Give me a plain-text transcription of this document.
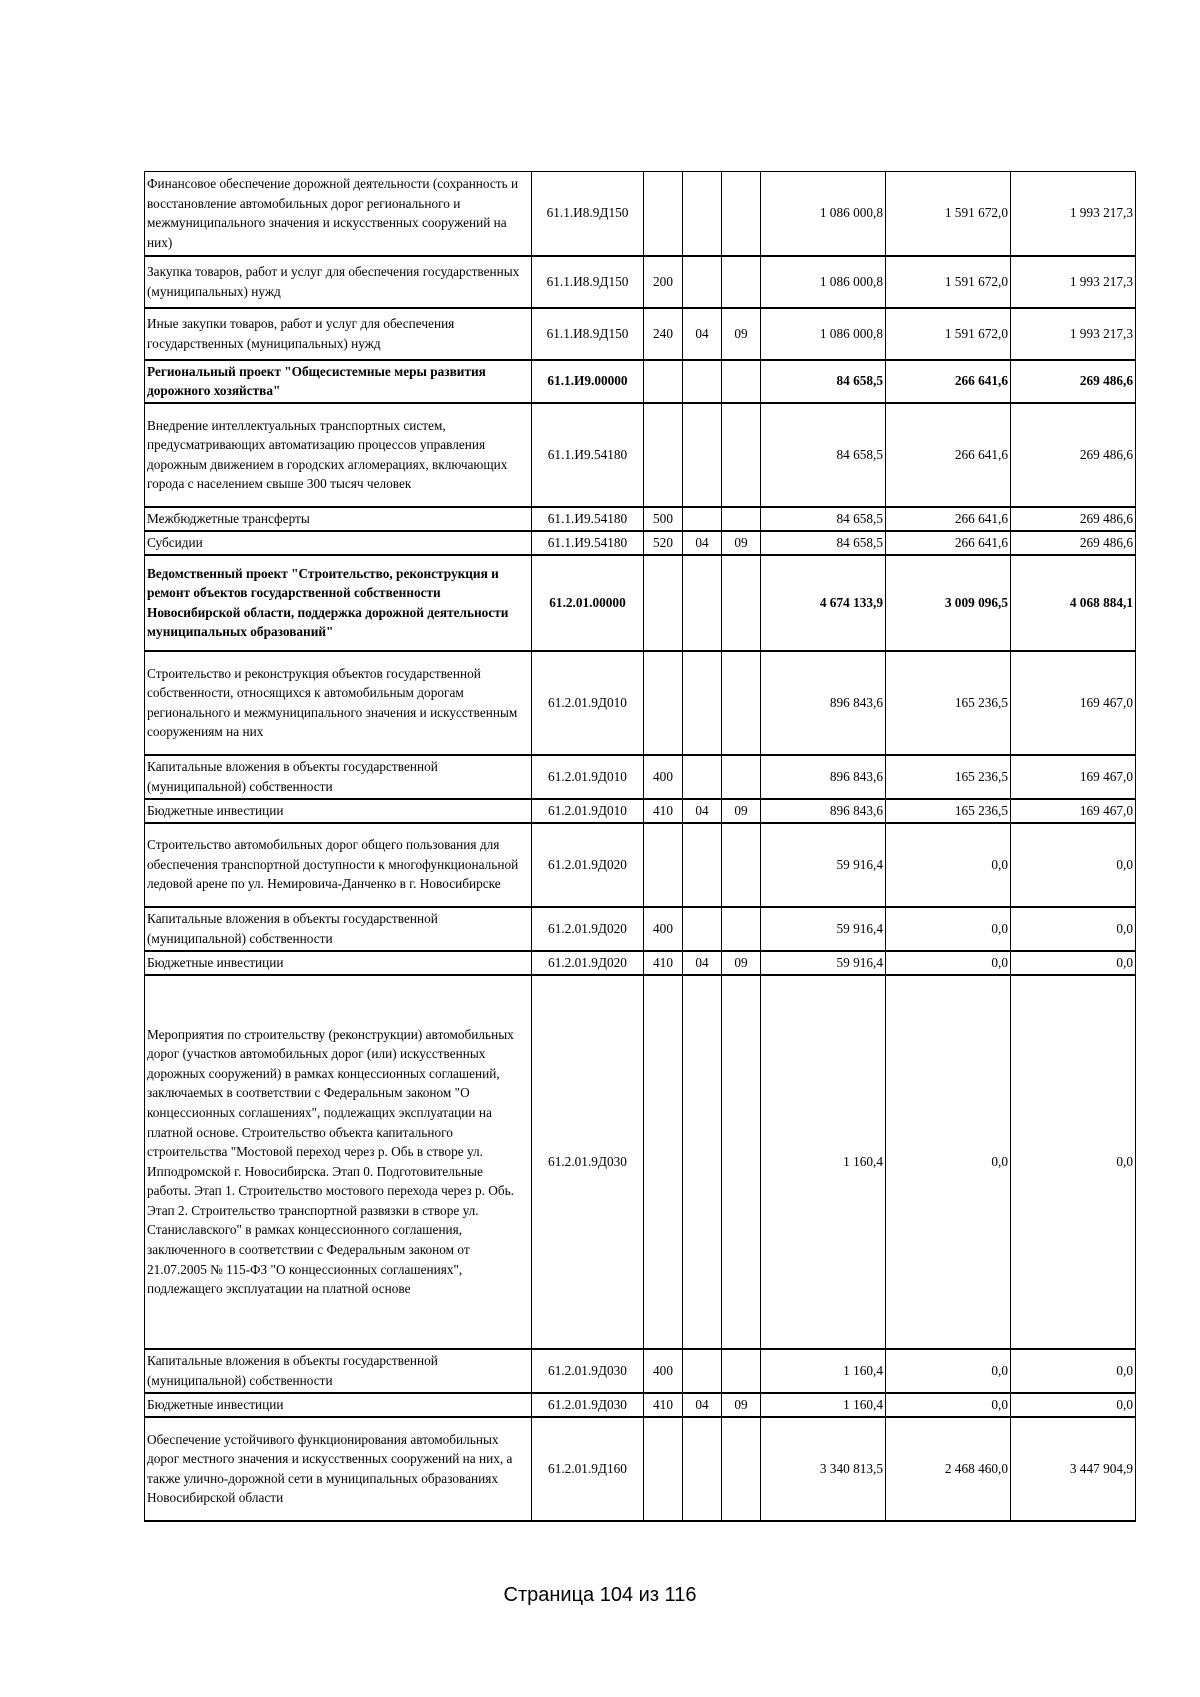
Финансовое обеспечение дорожной деятельности (сохранность и восстановление автомобильных дорог регионального и межмуниципального значения и искусственных сооружений на них)	61.1.И8.9Д150				1 086 000,8	1 591 672,0	1 993 217,3
Закупка товаров, работ и услуг для обеспечения государственных (муниципальных) нужд	61.1.И8.9Д150	200			1 086 000,8	1 591 672,0	1 993 217,3
Иные закупки товаров, работ и услуг для обеспечения государственных (муниципальных) нужд	61.1.И8.9Д150	240	04	09	1 086 000,8	1 591 672,0	1 993 217,3
Региональный проект "Общесистемные меры развития дорожного хозяйства"	61.1.И9.00000				84 658,5	266 641,6	269 486,6
Внедрение интеллектуальных транспортных систем, предусматривающих автоматизацию процессов управления дорожным движением в городских агломерациях, включающих города с населением свыше 300 тысяч человек	61.1.И9.54180				84 658,5	266 641,6	269 486,6
Межбюджетные трансферты	61.1.И9.54180	500			84 658,5	266 641,6	269 486,6
Субсидии	61.1.И9.54180	520	04	09	84 658,5	266 641,6	269 486,6
Ведомственный проект "Строительство, реконструкция и ремонт объектов государственной собственности Новосибирской области, поддержка дорожной деятельности муниципальных образований"	61.2.01.00000				4 674 133,9	3 009 096,5	4 068 884,1
Строительство и реконструкция объектов государственной собственности, относящихся к автомобильным дорогам регионального и межмуниципального значения и искусственным сооружениям на них	61.2.01.9Д010				896 843,6	165 236,5	169 467,0
Капитальные вложения в объекты государственной (муниципальной) собственности	61.2.01.9Д010	400			896 843,6	165 236,5	169 467,0
Бюджетные инвестиции	61.2.01.9Д010	410	04	09	896 843,6	165 236,5	169 467,0
Строительство автомобильных дорог общего пользования для обеспечения транспортной доступности к многофункциональной ледовой арене по ул. Немировича-Данченко в г. Новосибирске	61.2.01.9Д020				59 916,4	0,0	0,0
Капитальные вложения в объекты государственной (муниципальной) собственности	61.2.01.9Д020	400			59 916,4	0,0	0,0
Бюджетные инвестиции	61.2.01.9Д020	410	04	09	59 916,4	0,0	0,0
Мероприятия по строительству (реконструкции) автомобильных дорог (участков автомобильных дорог (или) искусственных дорожных сооружений) в рамках концессионных соглашений, заключаемых в соответствии с Федеральным законом "О концессионных соглашениях", подлежащих эксплуатации на платной основе. Строительство объекта капитального строительства "Мостовой переход через р. Обь в створе ул. Ипподромской г. Новосибирска. Этап 0. Подготовительные работы. Этап 1. Строительство мостового перехода через р. Обь. Этап 2. Строительство транспортной развязки в створе ул. Станиславского" в рамках концессионного соглашения, заключенного в соответствии с Федеральным законом от 21.07.2005 № 115-ФЗ "О концессионных соглашениях", подлежащего эксплуатации на платной основе	61.2.01.9Д030				1 160,4	0,0	0,0
Капитальные вложения в объекты государственной (муниципальной) собственности	61.2.01.9Д030	400			1 160,4	0,0	0,0
Бюджетные инвестиции	61.2.01.9Д030	410	04	09	1 160,4	0,0	0,0
Обеспечение устойчивого функционирования автомобильных дорог местного значения и искусственных сооружений на них, а также улично-дорожной сети в муниципальных образованиях Новосибирской области	61.2.01.9Д160				3 340 813,5	2 468 460,0	3 447 904,9
Страница 104 из 116
